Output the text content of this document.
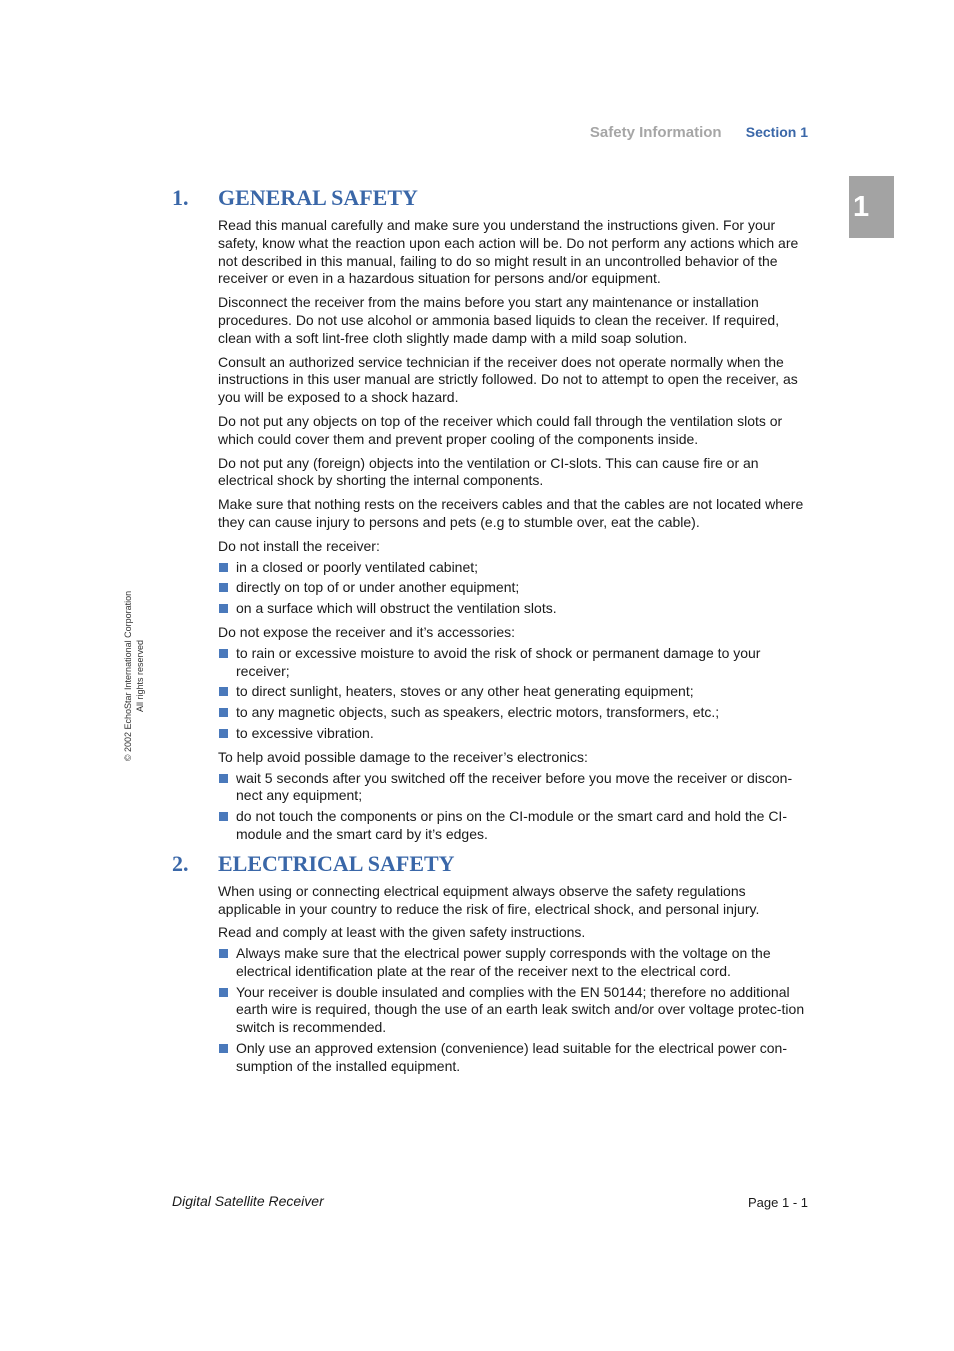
Safety Information Section 1
1
© 2002 EchoStar International Corporation All rights reserved
1.	GENERAL SAFETY

Read this manual carefully and make sure you understand the instructions given. For your safety, know what the reaction upon each action will be. Do not perform any actions which are not described in this manual, failing to do so might result in an uncontrolled behavior of the receiver or even in a hazardous situation for persons and/or equipment.

Disconnect the receiver from the mains before you start any maintenance or installation procedures. Do not use alcohol or ammonia based liquids to clean the receiver. If required, clean with a soft lint-free cloth slightly made damp with a mild soap solution.

Consult an authorized service technician if the receiver does not operate normally when the instructions in this user manual are strictly followed. Do not to attempt to open the receiver, as you will be exposed to a shock hazard.

Do not put any objects on top of the receiver which could fall through the ventilation slots or which could cover them and prevent proper cooling of the components inside.

Do not put any (foreign) objects into the ventilation or CI-slots. This can cause fire or an electrical shock by shorting the internal components.

Make sure that nothing rests on the receivers cables and that the cables are not located where they can cause injury to persons and pets (e.g to stumble over, eat the cable).

Do not install the receiver:

in a closed or poorly ventilated cabinet;
directly on top of or under another equipment;
on a surface which will obstruct the ventilation slots.

Do not expose the receiver and it’s accessories:

to rain or excessive moisture to avoid the risk of shock or permanent damage to your receiver;
to direct sunlight, heaters, stoves or any other heat generating equipment;
to any magnetic objects, such as speakers, electric motors, transformers, etc.;
to excessive vibration.

To help avoid possible damage to the receiver’s electronics:

wait 5 seconds after you switched off the receiver before you move the receiver or discon-nect any equipment;
do not touch the components or pins on the CI-module or the smart card and hold the CI-module and the smart card by it’s edges.
2.	ELECTRICAL SAFETY

When using or connecting electrical equipment always observe the safety regulations applicable in your country to reduce the risk of fire, electrical shock, and personal injury.

Read and comply at least with the given safety instructions.

Always make sure that the electrical power supply corresponds with the voltage on the electrical identification plate at the rear of the receiver next to the electrical cord.
Your receiver is double insulated and complies with the EN 50144; therefore no additional earth wire is required, though the use of an earth leak switch and/or over voltage protec-tion switch is recommended.
Only use an approved extension (convenience) lead suitable for the electrical power con-sumption of the installed equipment.
Digital Satellite Receiver	Page 1 - 1
